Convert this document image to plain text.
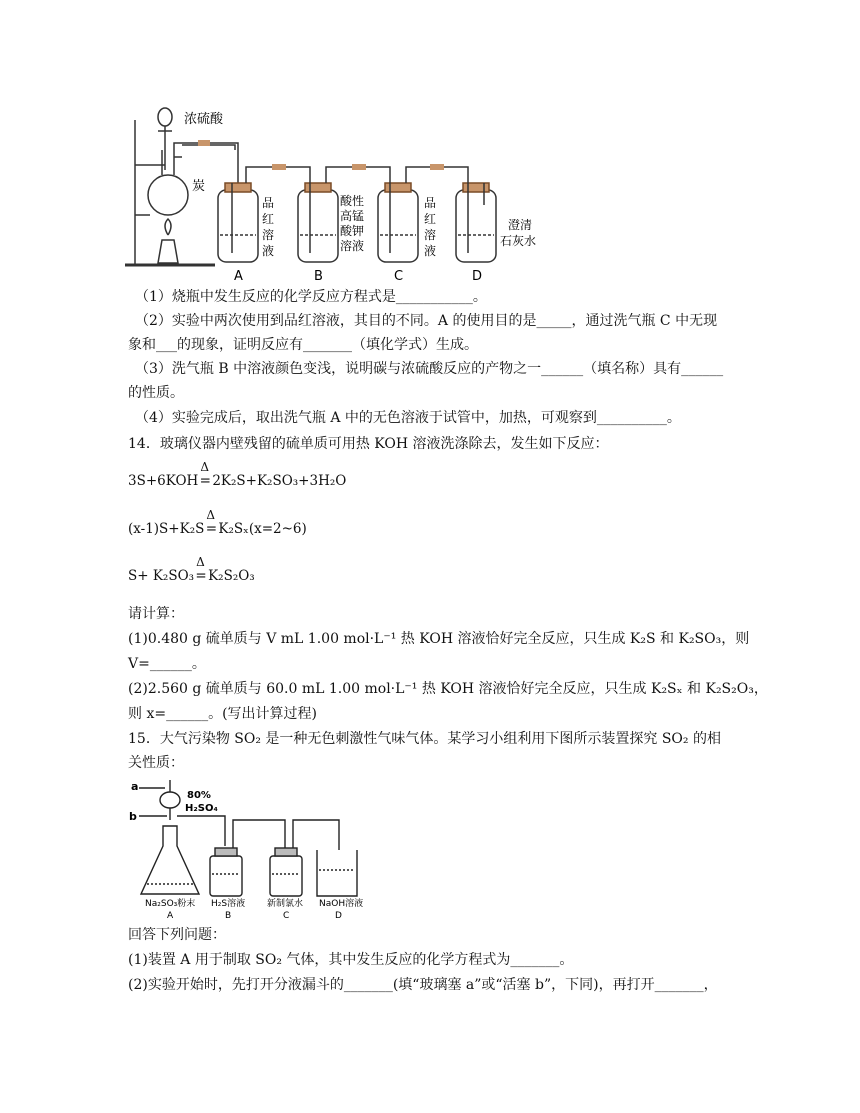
浓硫酸
炭
品
红
溶
液
酸性
高锰
酸钾
溶液
品
红
溶
液
澄清
石灰水
A	B	C	D
（1）烧瓶中发生反应的化学反应方程式是___________。
（2）实验中两次使用到品红溶液，其目的不同。A 的使用目的是_____，通过洗气瓶 C 中无现
象和___的现象，证明反应有_______（填化学式）生成。
（3）洗气瓶 B 中溶液颜色变浅，说明碳与浓硫酸反应的产物之一______（填名称）具有______
的性质。
（4）实验完成后，取出洗气瓶 A 中的无色溶液于试管中，加热，可观察到__________。
14．玻璃仪器内壁残留的硫单质可用热 KOH 溶液洗涤除去，发生如下反应：
3S+6KOH=
Δ
2K₂S+K₂SO₃+3H₂O
(x-1)S+K₂S=
Δ
K₂Sₓ(x=2~6)
S+ K₂SO₃=
Δ
K₂S₂O₃
请计算：
(1)0.480 g 硫单质与 V mL 1.00 mol·L⁻¹ 热 KOH 溶液恰好完全反应，只生成 K₂S 和 K₂SO₃，则
V=______。
(2)2.560 g 硫单质与 60.0 mL 1.00 mol·L⁻¹ 热 KOH 溶液恰好完全反应，只生成 K₂Sₓ 和 K₂S₂O₃，
则 x=______。(写出计算过程)
15．大气污染物 SO₂ 是一种无色刺激性气味气体。某学习小组利用下图所示装置探究 SO₂ 的相
关性质：
a
b
80%
H₂SO₄
Na₂SO₃粉末 H₂S溶液 新制氯水 NaOH溶液
A	B	C	D
回答下列问题：
(1)装置 A 用于制取 SO₂ 气体，其中发生反应的化学方程式为_______。
(2)实验开始时，先打开分液漏斗的_______(填“玻璃塞 a”或“活塞 b”，下同)，再打开_______，
